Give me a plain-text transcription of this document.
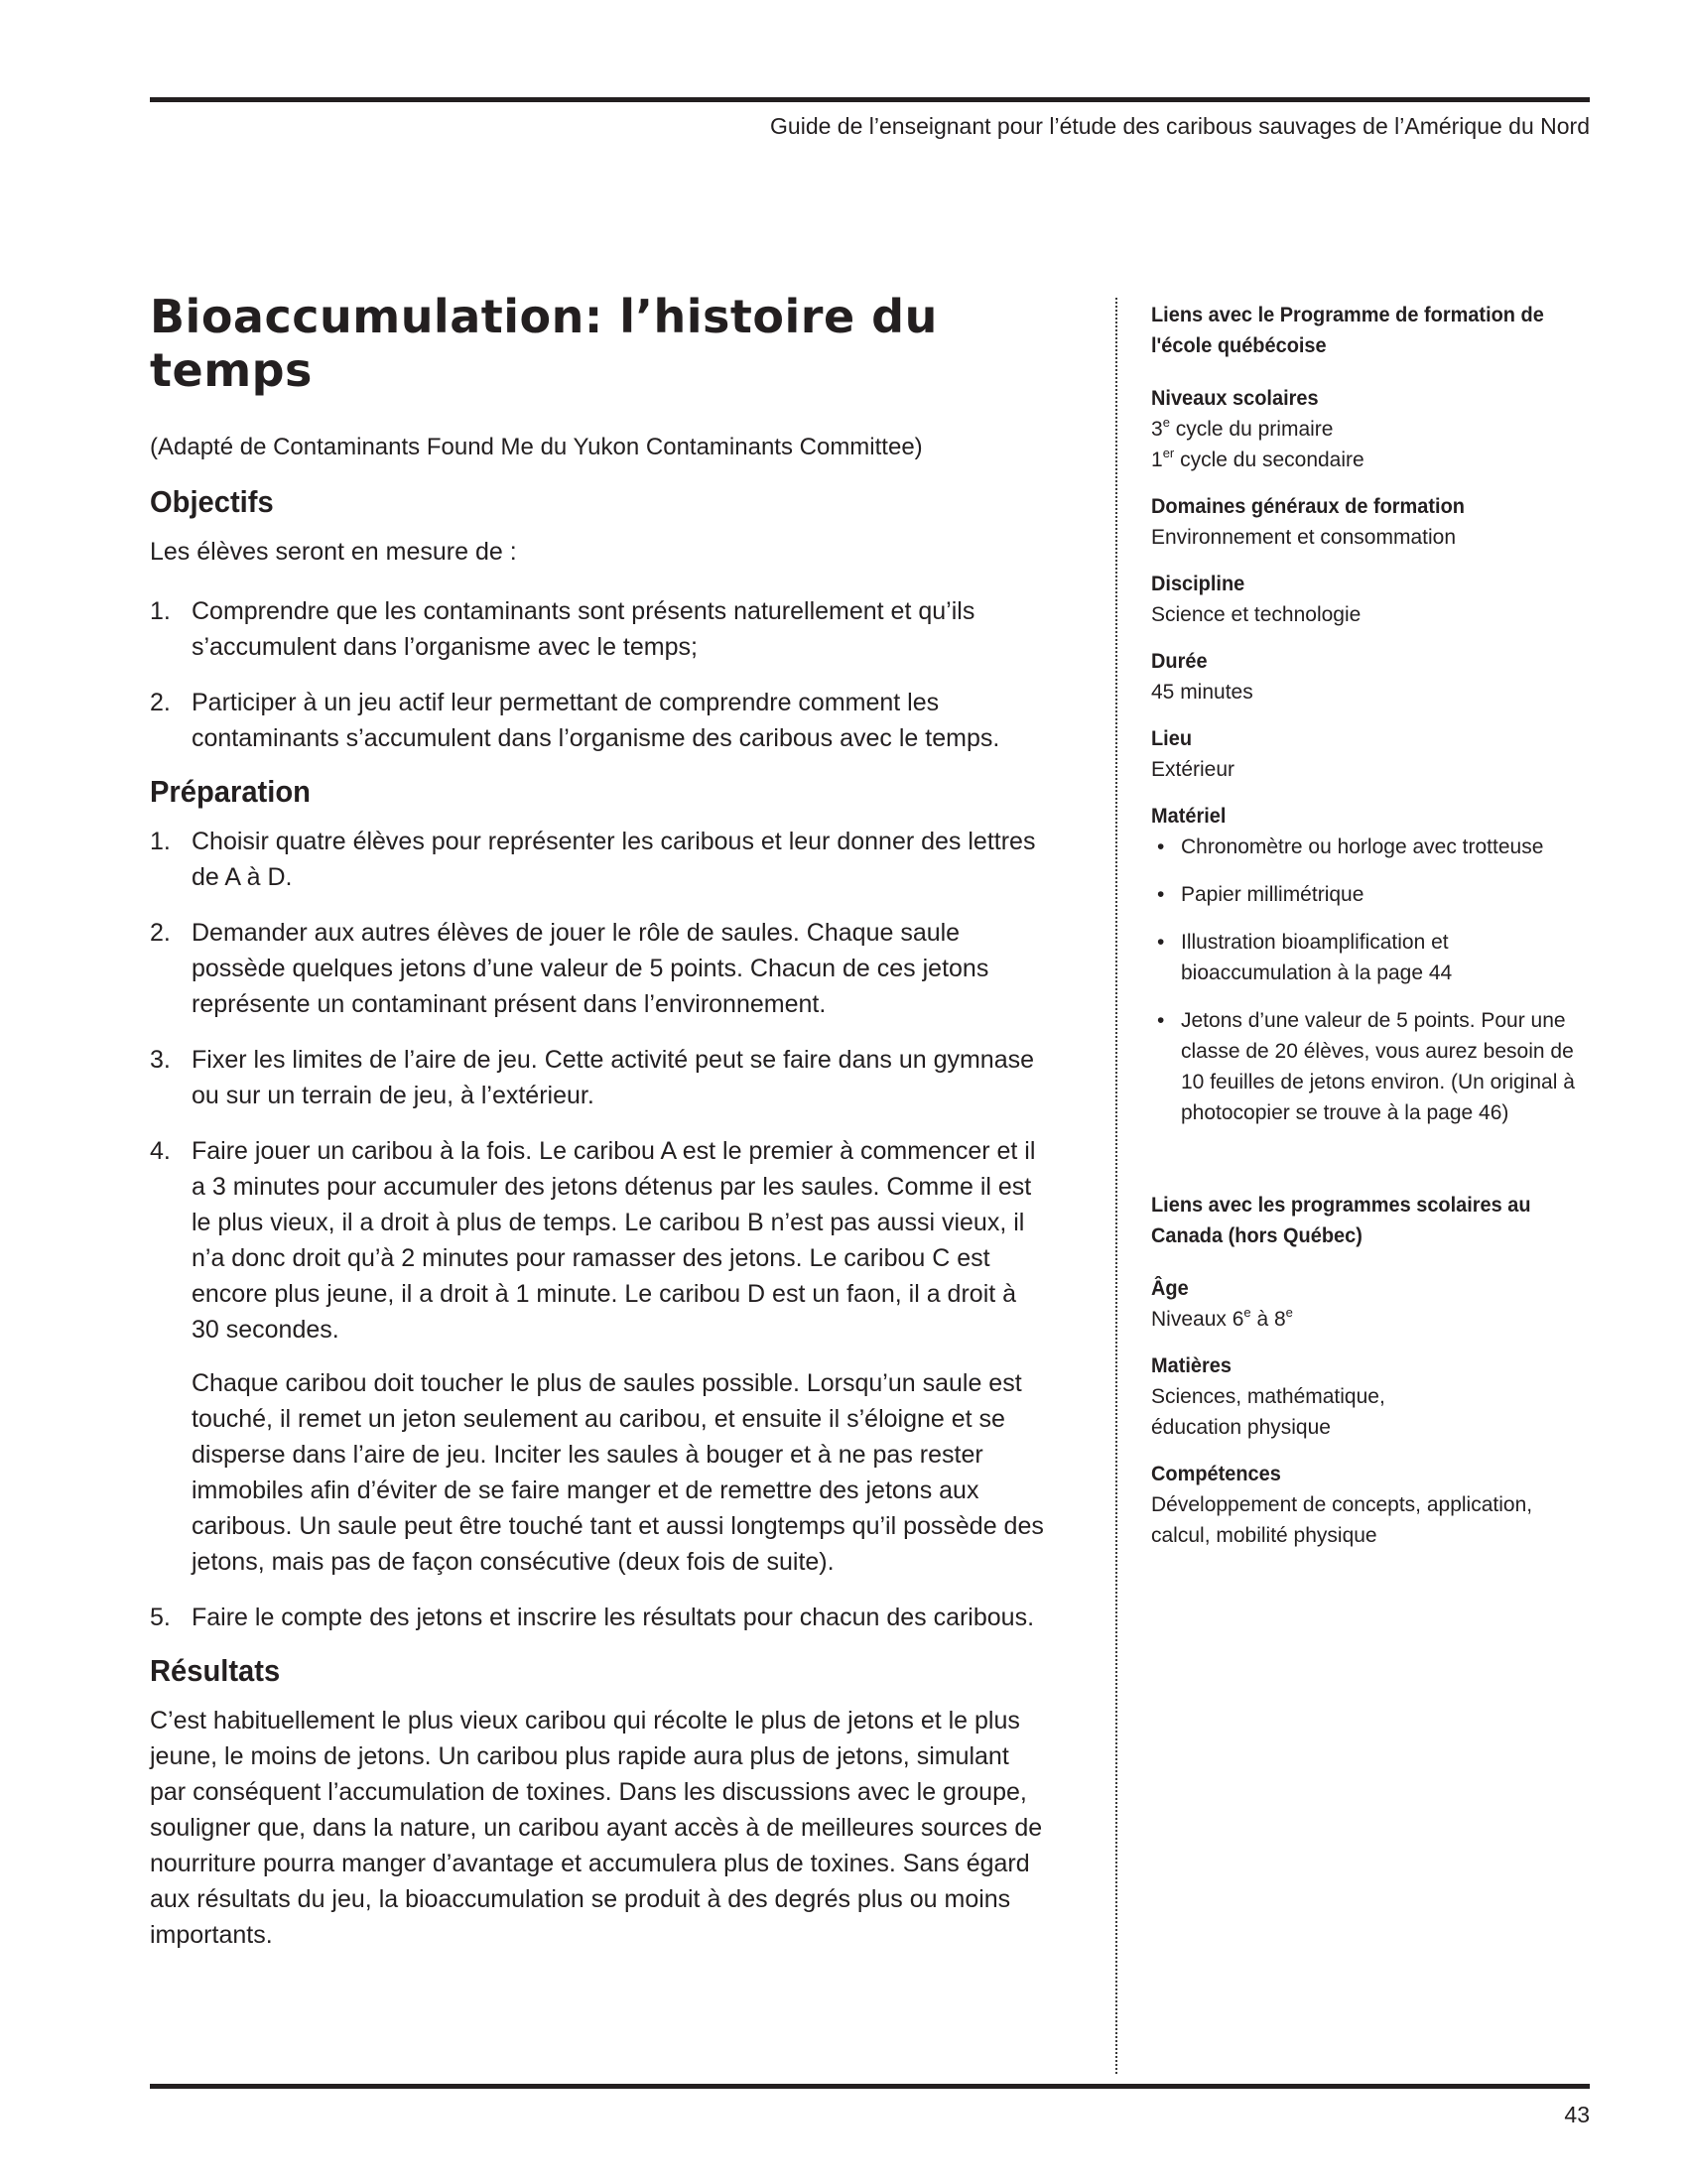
Guide de l’enseignant pour l’étude des caribous sauvages de l’Amérique du Nord
Bioaccumulation: l’histoire du temps

(Adapté de Contaminants Found Me du Yukon Contaminants Committee)

Objectifs

Les élèves seront en mesure de :

1. Comprendre que les contaminants sont présents naturellement et qu’ils s’accumulent dans l’organisme avec le temps;
2. Participer à un jeu actif leur permettant de comprendre comment les contaminants s’accumulent dans l’organisme des caribous avec le temps.
Préparation
1. Choisir quatre élèves pour représenter les caribous et leur donner des lettres de A à D.
2. Demander aux autres élèves de jouer le rôle de saules. Chaque saule possède quelques jetons d’une valeur de 5 points. Chacun de ces jetons représente un contaminant présent dans l’environnement.
3. Fixer les limites de l’aire de jeu. Cette activité peut se faire dans un gymnase ou sur un terrain de jeu, à l’extérieur.
4. Faire jouer un caribou à la fois. Le caribou A est le premier à commencer et il a 3 minutes pour accumuler des jetons détenus par les saules. Comme il est le plus vieux, il a droit à plus de temps. Le caribou B n’est pas aussi vieux, il n’a donc droit qu’à 2 minutes pour ramasser des jetons. Le caribou C est encore plus jeune, il a droit à 1 minute. Le caribou D est un faon, il a droit à 30 secondes.
Chaque caribou doit toucher le plus de saules possible. Lorsqu’un saule est touché, il remet un jeton seulement au caribou, et ensuite il s’éloigne et se disperse dans l’aire de jeu. Inciter les saules à bouger et à ne pas rester immobiles afin d’éviter de se faire manger et de remettre des jetons aux caribous. Un saule peut être touché tant et aussi longtemps qu’il possède des jetons, mais pas de façon consécutive (deux fois de suite).
5. Faire le compte des jetons et inscrire les résultats pour chacun des caribous.
Résultats

C’est habituellement le plus vieux caribou qui récolte le plus de jetons et le plus jeune, le moins de jetons. Un caribou plus rapide aura plus de jetons, simulant par conséquent l’accumulation de toxines. Dans les discussions avec le groupe, souligner que, dans la nature, un caribou ayant accès à de meilleures sources de nourriture pourra manger d’avantage et accumulera plus de toxines. Sans égard aux résultats du jeu, la bioaccumulation se produit à des degrés plus ou moins importants.

Liens avec le Programme de formation de l'école québécoise
Niveaux scolaires
3e cycle du primaire
1er cycle du secondaire
Domaines généraux de formation
Environnement et consommation
Discipline
Science et technologie
Durée
45 minutes
Lieu
Extérieur
Matériel
• Chronomètre ou horloge avec trotteuse
• Papier millimétrique
• Illustration bioamplification et bioaccumulation à la page 44
• Jetons d’une valeur de 5 points. Pour une classe de 20 élèves, vous aurez besoin de 10 feuilles de jetons environ. (Un original à photocopier se trouve à la page 46)
Liens avec les programmes scolaires au Canada (hors Québec)
Âge
Niveaux 6e à 8e
Matières
Sciences, mathématique,
éducation physique
Compétences
Développement de concepts, application,
calcul, mobilité physique
43
